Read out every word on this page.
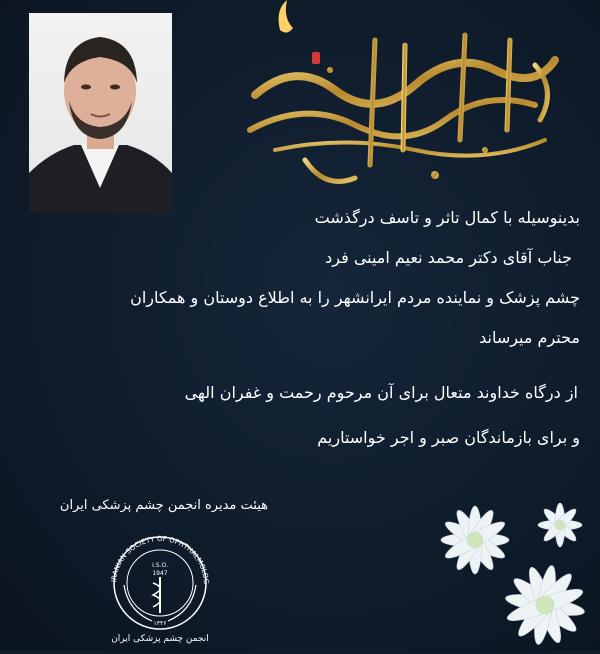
بدینوسیله با کمال تاثر و تاسف درگذشت
جناب آقای دکتر محمد نعیم امینی فرد
چشم پزشک و نماینده مردم ایرانشهر را به اطلاع دوستان و همکاران
محترم میرساند
از درگاه خداوند متعال برای آن مرحوم رحمت و غفران الهی
و برای بازماندگان صبر و اجر خواستاریم
هیئت مدیره انجمن چشم پزشکی ایران
IRANIAN SOCIETY OF OPHTHALMOLOG
I.S.O.
1947
۱۳۴۶
انجمن چشم پزشکی ایران
